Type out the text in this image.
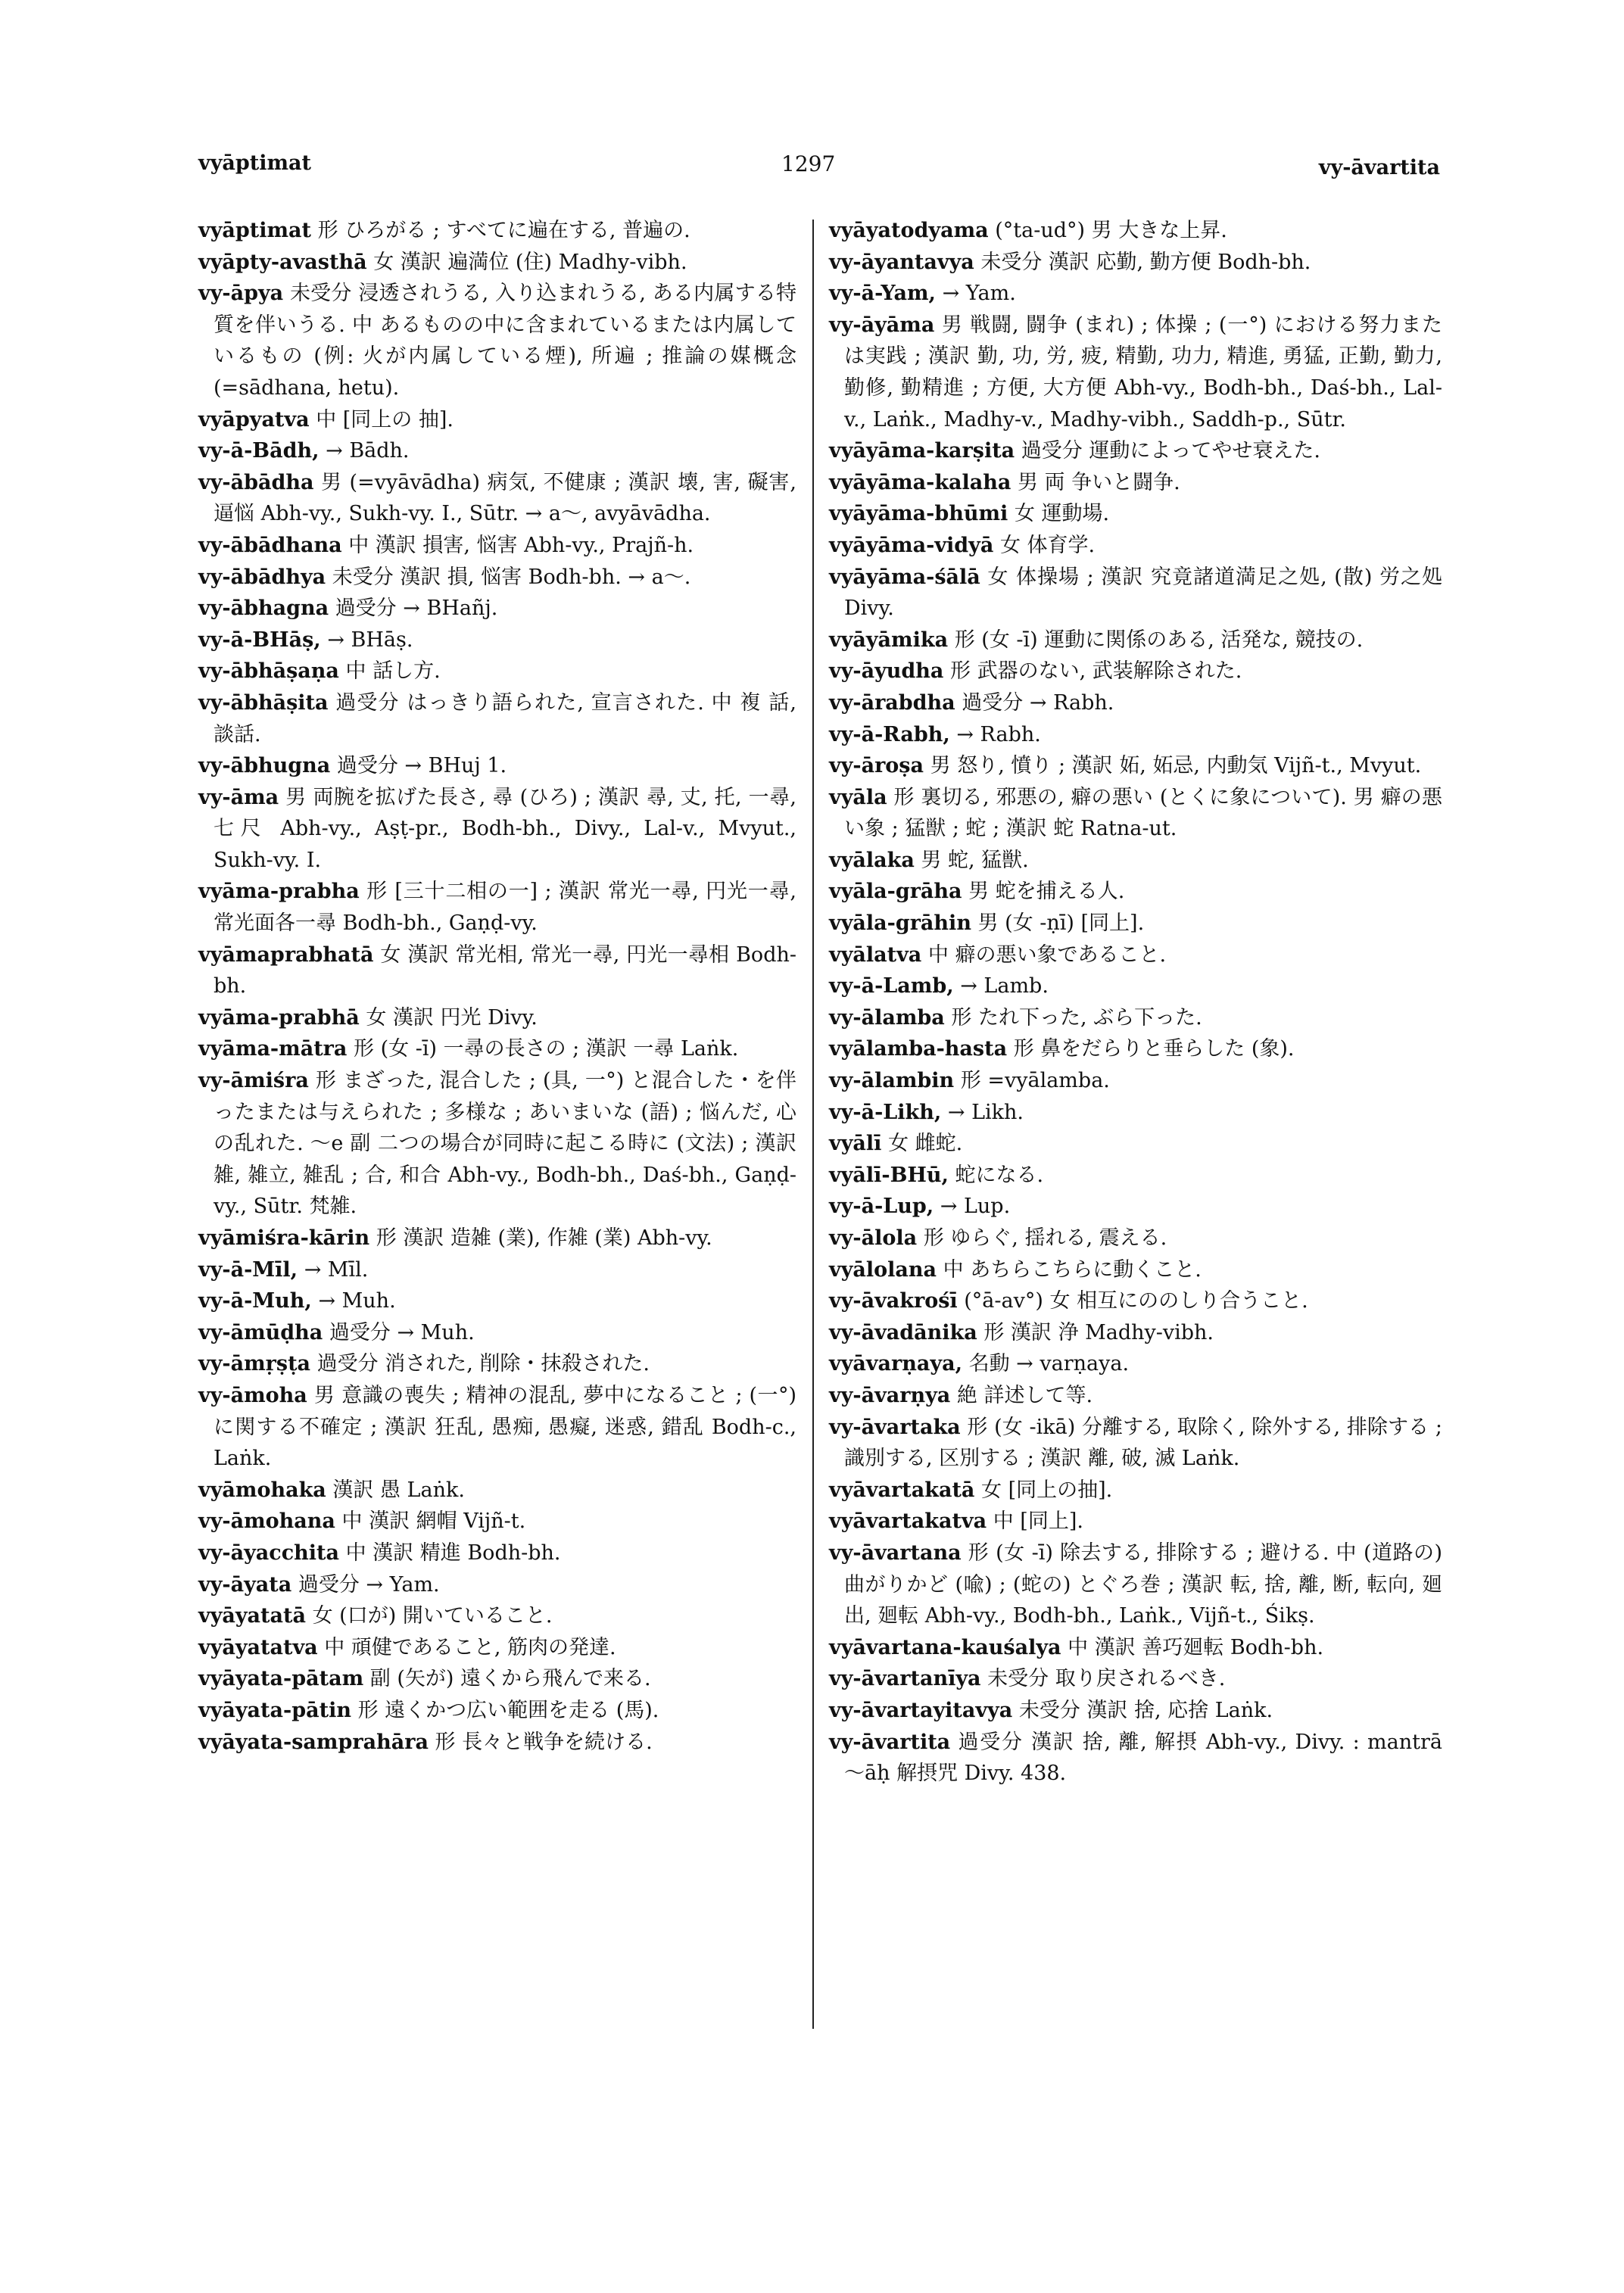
vyāptimat	1297	vy-āvartita

vyāptimat 形 ひろがる ; すべてに遍在する, 普遍の.

vyāpty-avasthā 女 漢訳 遍満位 (住) Madhy-vibh.

vy-āpya 未受分 浸透されうる, 入り込まれうる, ある内属する特質を伴いうる. 中 あるものの中に含まれているまたは内属しているもの (例: 火が内属している煙), 所遍 ; 推論の媒概念(=sādhana, hetu).

vyāpyatva 中 [同上の 抽].

vy-ā-Bādh, → Bādh.

vy-ābādha 男 (=vyāvādha) 病気, 不健康 ; 漢訳 壊, 害, 礙害, 逼悩 Abh-vy., Sukh-vy. I., Sūtr. → a～, avyāvādha.

vy-ābādhana 中 漢訳 損害, 悩害 Abh-vy., Prajñ-h.

vy-ābādhya 未受分 漢訳 損, 悩害 Bodh-bh. → a～.

vy-ābhagna 過受分 → BHañj.

vy-ā-BHāṣ, → BHāṣ.

vy-ābhāṣaṇa 中 話し方.

vy-ābhāṣita 過受分 はっきり語られた, 宣言された. 中 複 話, 談話.

vy-ābhugna 過受分 → BHuj 1.

vy-āma 男 両腕を拡げた長さ, 尋 (ひろ) ; 漢訳 尋, 丈, 托, 一尋, 七尺 Abh-vy., Aṣṭ-pr., Bodh-bh., Divy., Lal-v., Mvyut., Sukh-vy. I.

vyāma-prabha 形 [三十二相の一] ; 漢訳 常光一尋, 円光一尋, 常光面各一尋 Bodh-bh., Gaṇḍ-vy.

vyāmaprabhatā 女 漢訳 常光相, 常光一尋, 円光一尋相 Bodh-bh.

vyāma-prabhā 女 漢訳 円光 Divy.

vyāma-mātra 形 (女 -ī) 一尋の長さの ; 漢訳 一尋 Laṅk.

vy-āmiśra 形 まざった, 混合した ; (具, 一°) と混合した・を伴ったまたは与えられた ; 多様な ; あいまいな (語) ; 悩んだ, 心の乱れた. ～e 副 二つの場合が同時に起こる時に (文法) ; 漢訳 雑, 雑立, 雑乱 ; 合, 和合 Abh-vy., Bodh-bh., Daś-bh., Gaṇḍ-vy., Sūtr. 梵雑.

vyāmiśra-kārin 形 漢訳 造雑 (業), 作雑 (業) Abh-vy.

vy-ā-Mīl, → Mīl.

vy-ā-Muh, → Muh.

vy-āmūḍha 過受分 → Muh.

vy-āmṛṣṭa 過受分 消された, 削除・抹殺された.

vy-āmoha 男 意識の喪失 ; 精神の混乱, 夢中になること ; (一°) に関する不確定 ; 漢訳 狂乱, 愚痴, 愚癡, 迷惑, 錯乱 Bodh-c., Laṅk.

vyāmohaka 漢訳 愚 Laṅk.

vy-āmohana 中 漢訳 網帽 Vijñ-t.

vy-āyacchita 中 漢訳 精進 Bodh-bh.

vy-āyata 過受分 → Yam.

vyāyatatā 女 (口が) 開いていること.

vyāyatatva 中 頑健であること, 筋肉の発達.

vyāyata-pātam 副 (矢が) 遠くから飛んで来る.

vyāyata-pātin 形 遠くかつ広い範囲を走る (馬).

vyāyata-samprahāra 形 長々と戦争を続ける.

vyāyatodyama (°ta-ud°) 男 大きな上昇.

vy-āyantavya 未受分 漢訳 応勤, 勤方便 Bodh-bh.

vy-ā-Yam, → Yam.

vy-āyāma 男 戦闘, 闘争 (まれ) ; 体操 ; (一°) における努力または実践 ; 漢訳 勤, 功, 労, 疲, 精勤, 功力, 精進, 勇猛, 正勤, 勤力, 勤修, 勤精進 ; 方便, 大方便 Abh-vy., Bodh-bh., Daś-bh., Lal-v., Laṅk., Madhy-v., Madhy-vibh., Saddh-p., Sūtr.

vyāyāma-karṣita 過受分 運動によってやせ衰えた.

vyāyāma-kalaha 男 両 争いと闘争.

vyāyāma-bhūmi 女 運動場.

vyāyāma-vidyā 女 体育学.

vyāyāma-śālā 女 体操場 ; 漢訳 究竟諸道満足之処, (散) 労之処 Divy.

vyāyāmika 形 (女 -ī) 運動に関係のある, 活発な, 競技の.

vy-āyudha 形 武器のない, 武装解除された.

vy-ārabdha 過受分 → Rabh.

vy-ā-Rabh, → Rabh.

vy-āroṣa 男 怒り, 憤り ; 漢訳 妬, 妬忌, 内動気 Vijñ-t., Mvyut.

vyāla 形 裏切る, 邪悪の, 癖の悪い (とくに象について). 男 癖の悪い象 ; 猛獣 ; 蛇 ; 漢訳 蛇 Ratna-ut.

vyālaka 男 蛇, 猛獣.

vyāla-grāha 男 蛇を捕える人.

vyāla-grāhin 男 (女 -ṇī) [同上].

vyālatva 中 癖の悪い象であること.

vy-ā-Lamb, → Lamb.

vy-ālamba 形 たれ下った, ぶら下った.

vyālamba-hasta 形 鼻をだらりと垂らした (象).

vy-ālambin 形 =vyālamba.

vy-ā-Likh, → Likh.

vyālī 女 雌蛇.

vyālī-BHū, 蛇になる.

vy-ā-Lup, → Lup.

vy-ālola 形 ゆらぐ, 揺れる, 震える.

vyālolana 中 あちらこちらに動くこと.

vy-āvakrośī (°ā-av°) 女 相互にののしり合うこと.

vy-āvadānika 形 漢訳 浄 Madhy-vibh.

vyāvarṇaya, 名動 → varṇaya.

vy-āvarṇya 絶 詳述して等.

vy-āvartaka 形 (女 -ikā) 分離する, 取除く, 除外する, 排除する ; 識別する, 区別する ; 漢訳 離, 破, 滅 Laṅk.

vyāvartakatā 女 [同上の抽].

vyāvartakatva 中 [同上].

vy-āvartana 形 (女 -ī) 除去する, 排除する ; 避ける. 中 (道路の) 曲がりかど (喩) ; (蛇の) とぐろ巻 ; 漢訳 転, 捨, 離, 断, 転向, 廻出, 廻転 Abh-vy., Bodh-bh., Laṅk., Vijñ-t., Śikṣ.

vyāvartana-kauśalya 中 漢訳 善巧廻転 Bodh-bh.

vy-āvartanīya 未受分 取り戻されるべき.

vy-āvartayitavya 未受分 漢訳 捨, 応捨 Laṅk.

vy-āvartita 過受分 漢訳 捨, 離, 解摂 Abh-vy., Divy. : mantrā ～āḥ 解摂咒 Divy. 438.
